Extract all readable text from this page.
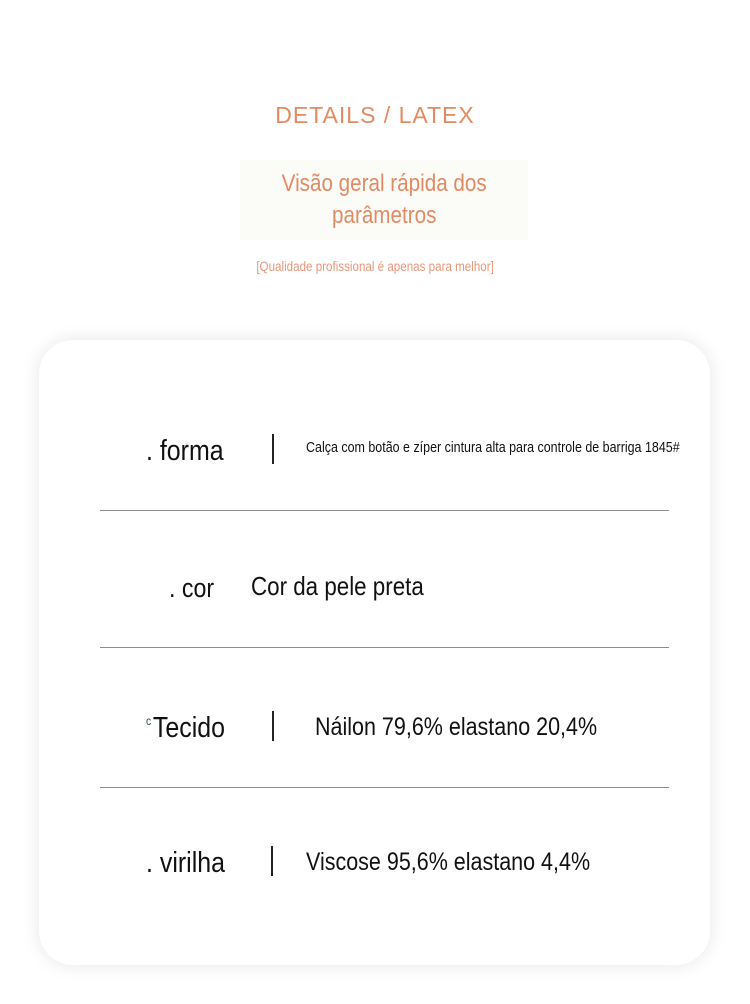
DETAILS / LATEX
Visão geral rápida dos
parâmetros
[Qualidade profissional é apenas para melhor]
. forma	Calça com botão e zíper cintura alta para controle de barriga 1845#
. cor Cor da pele preta
$^c$Tecido	Náilon 79,6% elastano 20,4%
. virilha	Viscose 95,6% elastano 4,4%
